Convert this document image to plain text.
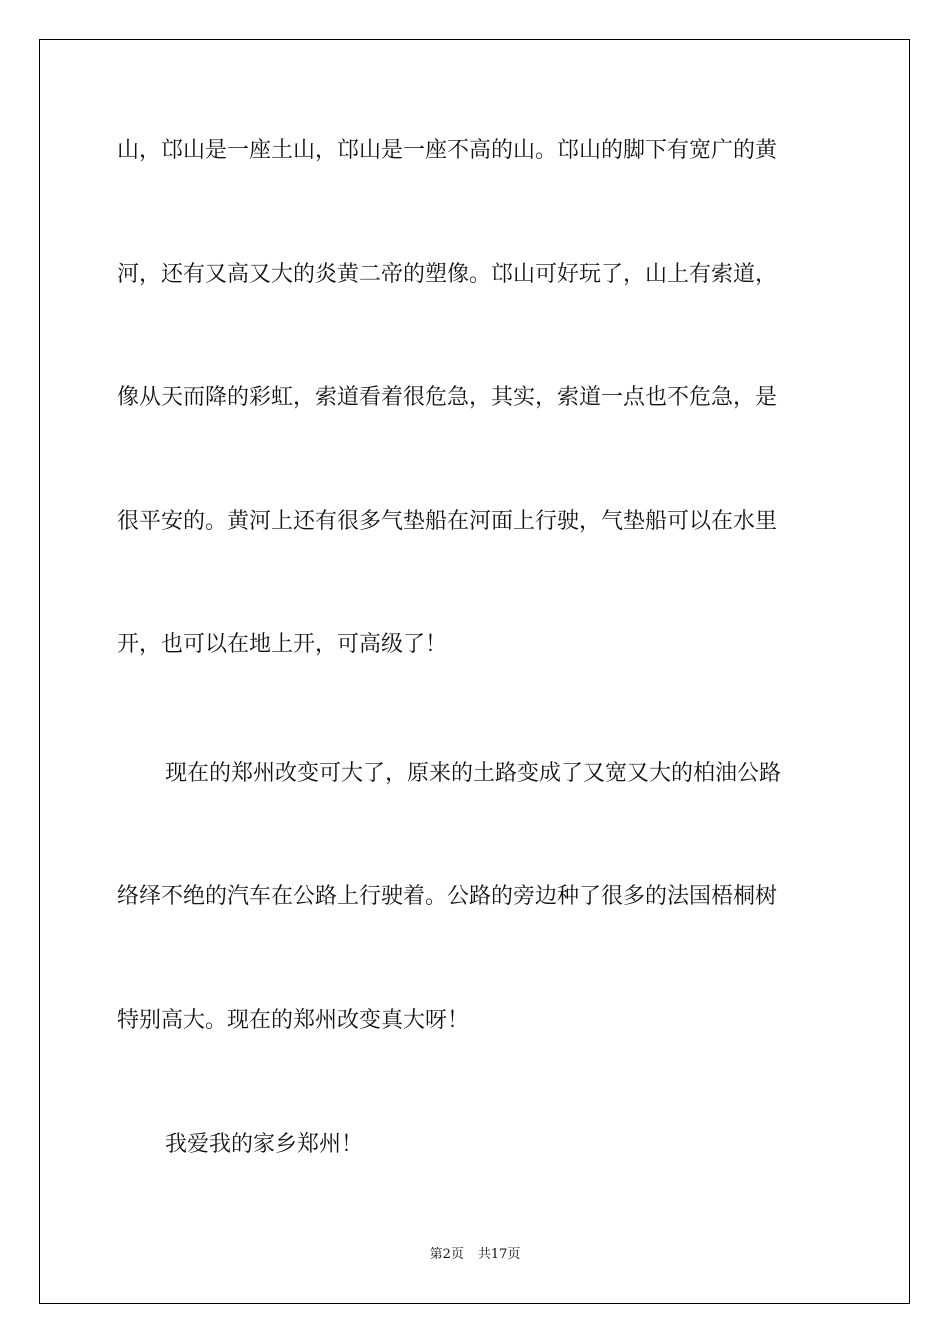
山，邙山是一座土山，邙山是一座不高的山。邙山的脚下有宽广的黄
河，还有又高又大的炎黄二帝的塑像。邙山可好玩了，山上有索道，
像从天而降的彩虹，索道看着很危急，其实，索道一点也不危急，是
很平安的。黄河上还有很多气垫船在河面上行驶，气垫船可以在水里
开，也可以在地上开，可高级了！
现在的郑州改变可大了，原来的土路变成了又宽又大的柏油公路
络绎不绝的汽车在公路上行驶着。公路的旁边种了很多的法国梧桐树
特别高大。现在的郑州改变真大呀！
我爱我的家乡郑州！
第2页 共17页
